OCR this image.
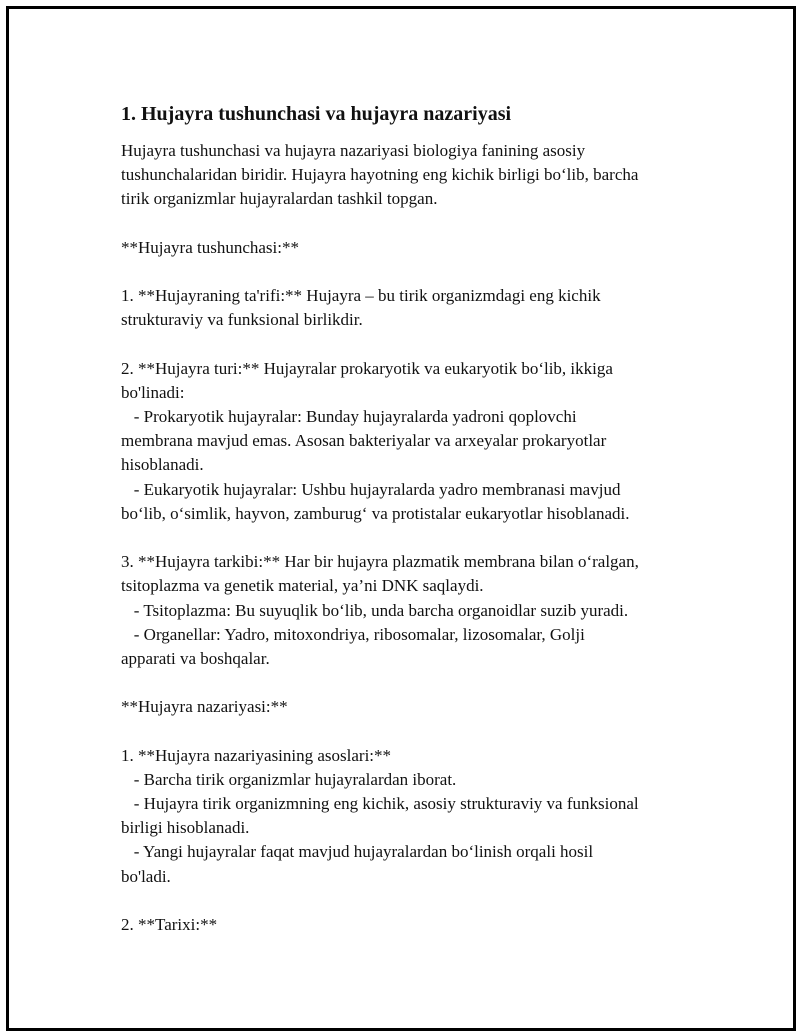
1. Hujayra tushunchasi va hujayra nazariyasi

Hujayra tushunchasi va hujayra nazariyasi biologiya fanining asosiy

tushunchalaridan biridir. Hujayra hayotning eng kichik birligi bo‘lib, barcha

tirik organizmlar hujayralardan tashkil topgan.

**Hujayra tushunchasi:**

1. **Hujayraning ta'rifi:** Hujayra – bu tirik organizmdagi eng kichik

strukturaviy va funksional birlikdir.

2. **Hujayra turi:** Hujayralar prokaryotik va eukaryotik bo‘lib, ikkiga

bo'linadi:

- Prokaryotik hujayralar: Bunday hujayralarda yadroni qoplovchi

membrana mavjud emas. Asosan bakteriyalar va arxeyalar prokaryotlar

hisoblanadi.

- Eukaryotik hujayralar: Ushbu hujayralarda yadro membranasi mavjud

bo‘lib, o‘simlik, hayvon, zamburug‘ va protistalar eukaryotlar hisoblanadi.

3. **Hujayra tarkibi:** Har bir hujayra plazmatik membrana bilan o‘ralgan,

tsitoplazma va genetik material, ya’ni DNK saqlaydi.

- Tsitoplazma: Bu suyuqlik bo‘lib, unda barcha organoidlar suzib yuradi.

- Organellar: Yadro, mitoxondriya, ribosomalar, lizosomalar, Golji

apparati va boshqalar.

**Hujayra nazariyasi:**

1. **Hujayra nazariyasining asoslari:**

- Barcha tirik organizmlar hujayralardan iborat.

- Hujayra tirik organizmning eng kichik, asosiy strukturaviy va funksional

birligi hisoblanadi.

- Yangi hujayralar faqat mavjud hujayralardan bo‘linish orqali hosil

bo'ladi.

2. **Tarixi:**
